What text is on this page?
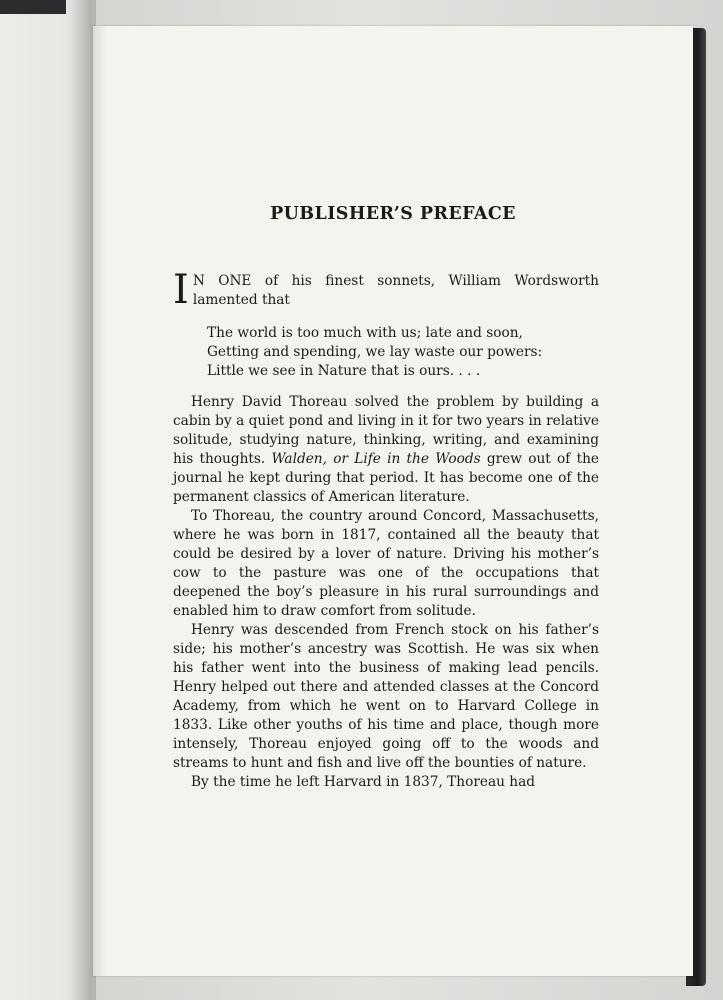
PUBLISHER’S PREFACE

I N ONE of his finest sonnets, William Wordsworth lamented that

The world is too much with us; late and soon,
Getting and spending, we lay waste our powers:
Little we see in Nature that is ours. . . .

Henry David Thoreau solved the problem by building a cabin by a quiet pond and living in it for two years in relative solitude, studying nature, thinking, writing, and examining his thoughts. Walden, or Life in the Woods grew out of the journal he kept during that period. It has become one of the permanent classics of American literature.

To Thoreau, the country around Concord, Massachusetts, where he was born in 1817, contained all the beauty that could be desired by a lover of nature. Driving his mother’s cow to the pasture was one of the occupations that deepened the boy’s pleasure in his rural surroundings and enabled him to draw comfort from solitude.

Henry was descended from French stock on his father’s side; his mother’s ancestry was Scottish. He was six when his father went into the business of making lead pencils. Henry helped out there and attended classes at the Concord Academy, from which he went on to Harvard College in 1833. Like other youths of his time and place, though more intensely, Thoreau enjoyed going off to the woods and streams to hunt and fish and live off the bounties of nature.

By the time he left Harvard in 1837, Thoreau had
